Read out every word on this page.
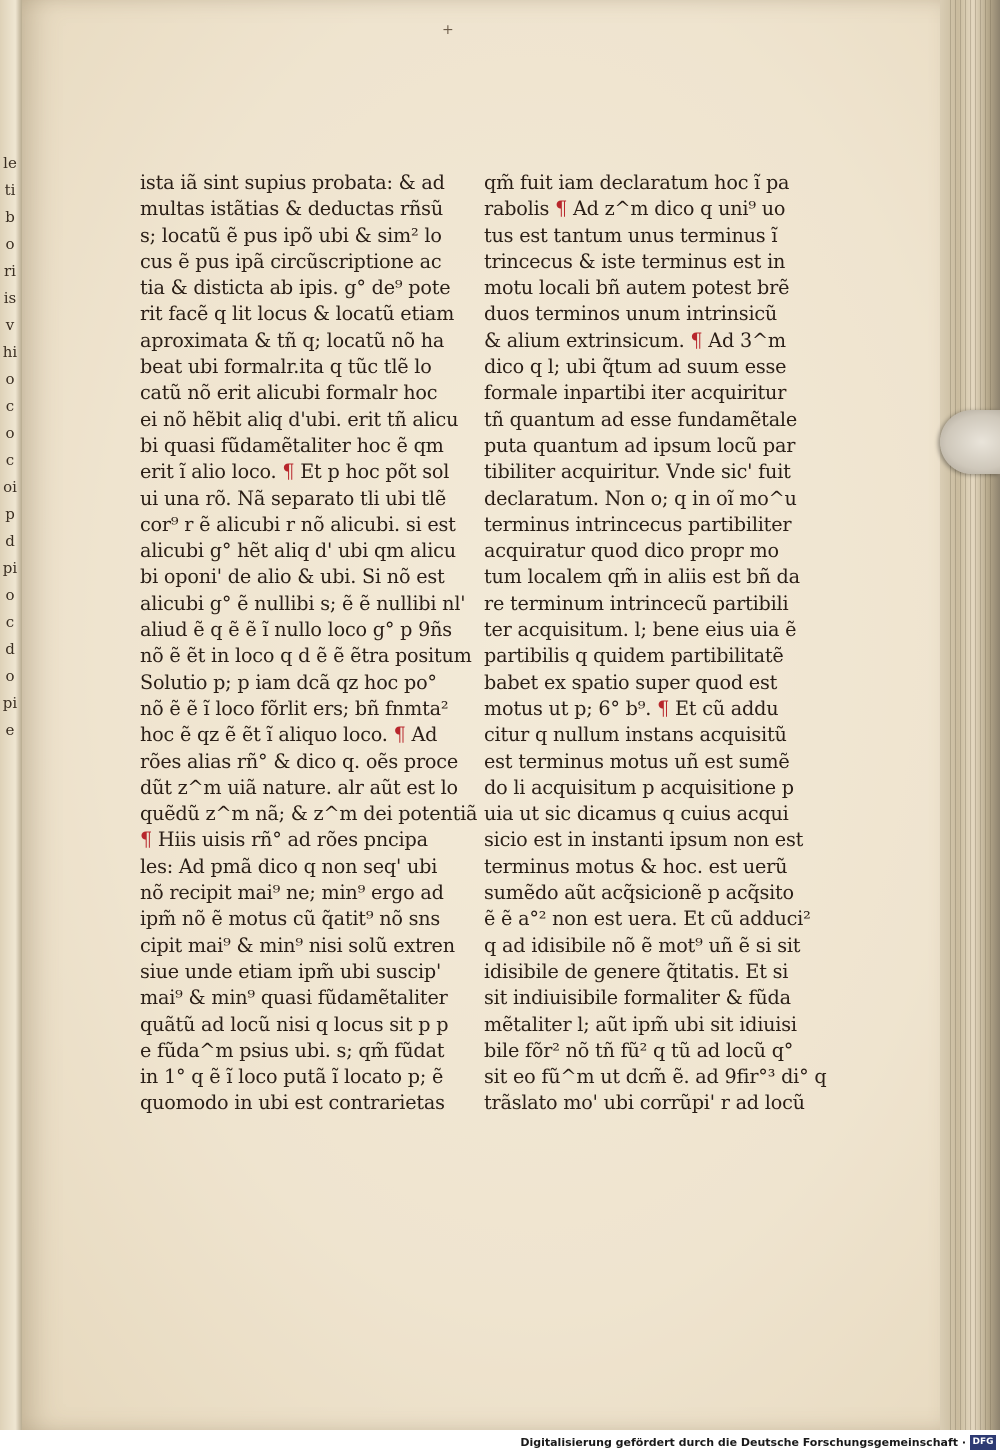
letiboriisvhiococoipdpiocdopie
+
ista iã sint supius probata: & ad
multas istãtias & deductas rñsũ
s; locatũ ẽ pus ipõ ubi & sim² lo
cus ẽ pus ipã circũscriptione ac
tia & disticta ab ipis. g° de⁹ pote
rit facẽ q lit locus & locatũ etiam
aproximata & tñ q; locatũ nõ ha
beat ubi formalr.ita q tũc tlẽ lo
catũ nõ erit alicubi formalr hoc
ei nõ hẽbit aliq d'ubi. erit tñ alicu
bi quasi fũdamẽtaliter hoc ẽ qm
erit ĩ alio loco. ¶ Et p hoc põt sol
ui una rõ. Nã separato tli ubi tlẽ
cor⁹ r ẽ alicubi r nõ alicubi. si est
alicubi g° hẽt aliq d' ubi qm alicu
bi oponi' de alio & ubi. Si nõ est
alicubi g° ẽ nullibi s; ẽ ẽ nullibi nl'
aliud ẽ q ẽ ẽ ĩ nullo loco g° p 9ñs
nõ ẽ ẽt in loco q d ẽ ẽ ẽtra positum
Solutio p; p iam dcã qz hoc po°
nõ ẽ ẽ ĩ loco fõrlit ers; bñ fnmta²
hoc ẽ qz ẽ ẽt ĩ aliquo loco. ¶ Ad
rões alias rñ° & dico q. oẽs proce
dũt z^m uiã nature. alr aũt est lo
quẽdũ z^m nã; & z^m dei potentiã
¶ Hiis uisis rñ° ad rões pncipa
les: Ad pmã dico q non seq' ubi
nõ recipit mai⁹ ne; min⁹ ergo ad
ipm̃ nõ ẽ motus cũ q̃atit⁹ nõ sns
cipit mai⁹ & min⁹ nisi solũ extren
siue unde etiam ipm̃ ubi suscip'
mai⁹ & min⁹ quasi fũdamẽtaliter
quãtũ ad locũ nisi q locus sit p p
e fũda^m psius ubi. s; qm̃ fũdat
in 1° q ẽ ĩ loco putã ĩ locato p; ẽ
quomodo in ubi est contrarietas
qm̃ fuit iam declaratum hoc ĩ pa
rabolis ¶ Ad z^m dico q uni⁹ uo
tus est tantum unus terminus ĩ
trincecus & iste terminus est in
motu locali bñ autem potest brẽ
duos terminos unum intrinsicũ
& alium extrinsicum. ¶ Ad 3^m
dico q l; ubi q̃tum ad suum esse
formale inpartibi iter acquiritur
tñ quantum ad esse fundamẽtale
puta quantum ad ipsum locũ par
tibiliter acquiritur. Vnde sic' fuit
declaratum. Non o; q in oĩ mo^u
terminus intrincecus partibiliter
acquiratur quod dico propr mo
tum localem qm̃ in aliis est bñ da
re terminum intrincecũ partibili
ter acquisitum. l; bene eius uia ẽ
partibilis q quidem partibilitatẽ
babet ex spatio super quod est
motus ut p; 6° b⁹. ¶ Et cũ addu
citur q nullum instans acquisitũ
est terminus motus uñ est sumẽ
do li acquisitum p acquisitione p
uia ut sic dicamus q cuius acqui
sicio est in instanti ipsum non est
terminus motus & hoc. est uerũ
sumẽdo aũt acq̃sicionẽ p acq̃sito
ẽ ẽ a°² non est uera. Et cũ adduci²
q ad idisibile nõ ẽ mot⁹ uñ ẽ si sit
idisibile de genere q̃titatis. Et si
sit indiuisibile formaliter & fũda
mẽtaliter l; aũt ipm̃ ubi sit idiuisi
bile fõr² nõ tñ fũ² q tũ ad locũ q°
sit eo fũ^m ut dcm̃ ẽ. ad 9fir°³ di° q
trãslato mo' ubi corrũpi' r ad locũ
Digitalisierung gefördert durch die Deutsche Forschungsgemeinschaft · DFG
